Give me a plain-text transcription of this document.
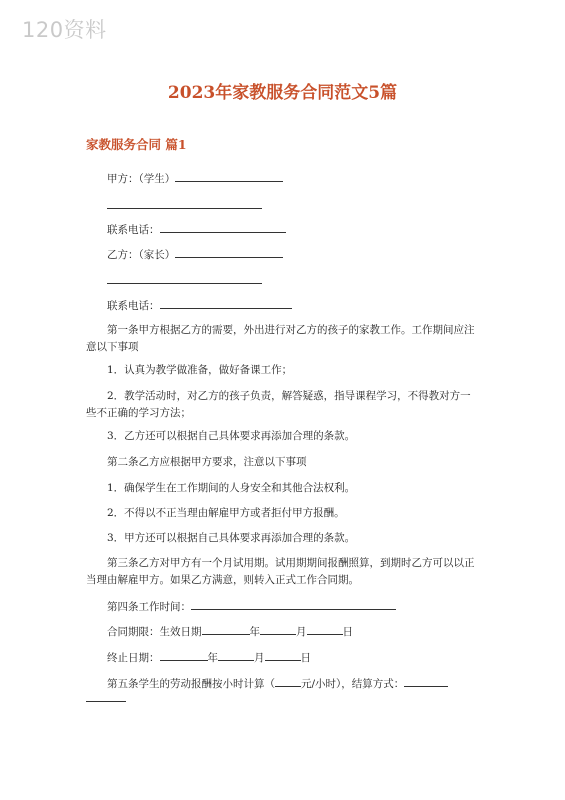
120资料
2023年家教服务合同范文5篇
家教服务合同 篇1
甲方：（学生）
联系电话：
乙方：（家长）
联系电话：
第一条甲方根据乙方的需要，外出进行对乙方的孩子的家教工作。工作期间应注意以下事项
1．认真为教学做准备，做好备课工作；
2．教学活动时，对乙方的孩子负责，解答疑惑，指导课程学习，不得教对方一些不正确的学习方法；
3．乙方还可以根据自己具体要求再添加合理的条款。
第二条乙方应根据甲方要求，注意以下事项
1．确保学生在工作期间的人身安全和其他合法权利。
2．不得以不正当理由解雇甲方或者拒付甲方报酬。
3．甲方还可以根据自己具体要求再添加合理的条款。
第三条乙方对甲方有一个月试用期。试用期期间报酬照算，到期时乙方可以以正当理由解雇甲方。如果乙方满意，则转入正式工作合同期。
第四条工作时间：
合同期限：生效日期	年	月	日
终止日期：	年	月	日
第五条学生的劳动报酬按小时计算（ 元/小时），结算方式：
